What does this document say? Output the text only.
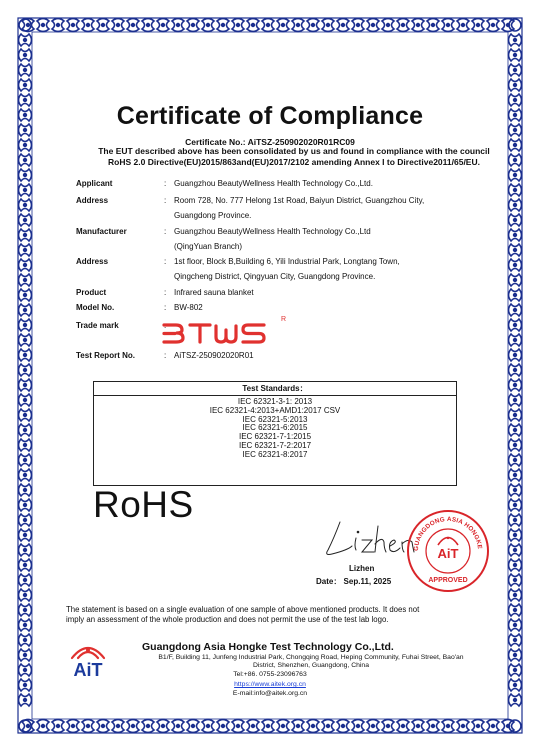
Certificate of Compliance
Certificate No.: AiTSZ-250902020R01RC09
The EUT described above has been consolidated by us and found in compliance with the council
RoHS 2.0 Directive(EU)2015/863and(EU)2017/2102 amending Annex I to Directive2011/65/EU.
Applicant	: Guangzhou BeautyWellness Health Technology Co.,Ltd.
Address	: Room 728, No. 777 Helong 1st Road, Baiyun District, Guangzhou City,
Guangdong Province.
Manufacturer	: Guangzhou BeautyWellness Health Technology Co.,Ltd
(QingYuan Branch)
Address	: 1st floor, Block B,Building 6, Yili Industrial Park, Longtang Town,
Qingcheng District, Qingyuan City, Guangdong Province.
Product	: Infrared sauna blanket
Model No.	: BW-802
Trade mark	:
R
Test Report No.	: AiTSZ-250902020R01
Test Standards：
IEC 62321-3-1: 2013
IEC 62321-4:2013+AMD1:2017 CSV
IEC 62321-5:2013
IEC 62321-6:2015
IEC 62321-7-1:2015
IEC 62321-7-2:2017
IEC 62321-8:2017
RoHS
Lizhen
Date： Sep.11, 2025
GUANGDONG ASIA HONGKE
AiT
APPROVED
The statement is based on a single evaluation of one sample of above mentioned products. It does not
imply an assessment of the whole production and does not permit the use of the test lab logo.
AiT
Guangdong Asia Hongke Test Technology Co.,Ltd.
B1/F, Building 11, Junfeng Industrial Park, Chongqing Road, Heping Community, Fuhai Street, Bao'an
District, Shenzhen, Guangdong, China
Tel:+86. 0755-23096763
https://www.aitek.org.cn
E-mail:info@aitek.org.cn
